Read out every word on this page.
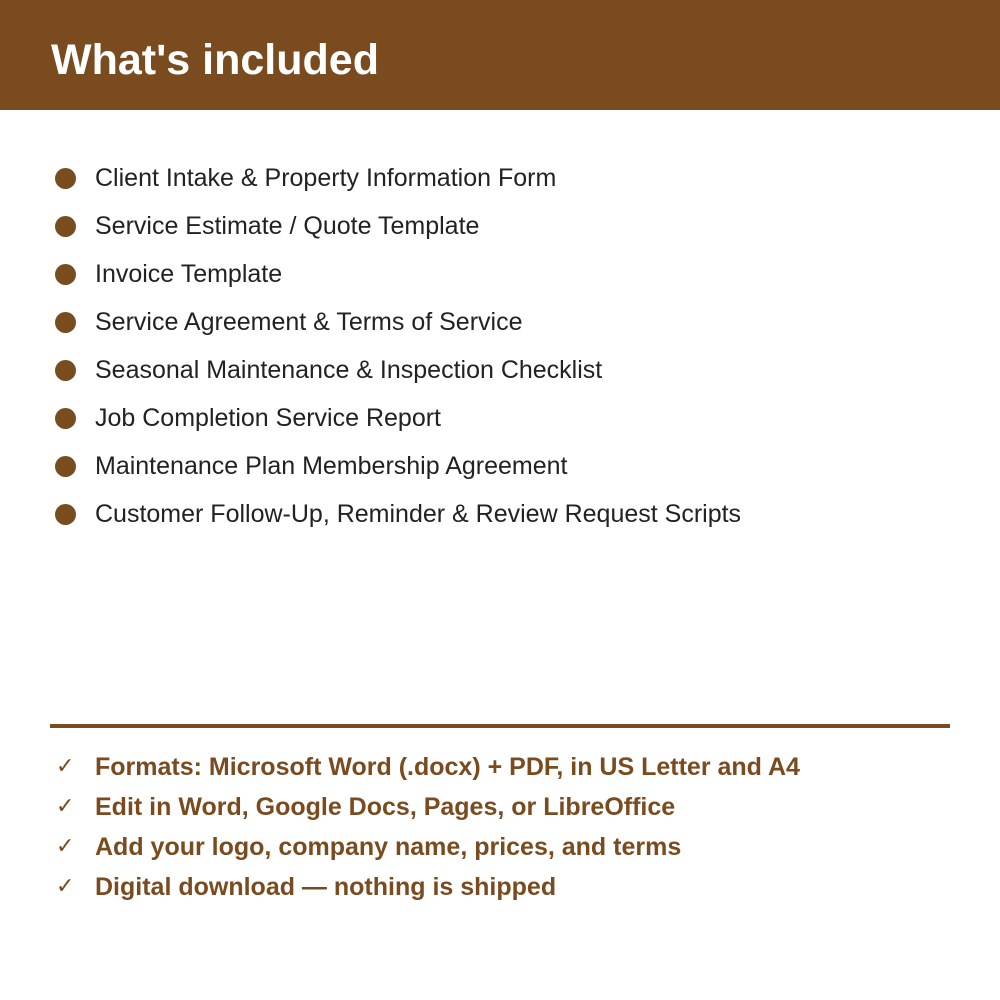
What's included
Client Intake & Property Information Form
Service Estimate / Quote Template
Invoice Template
Service Agreement & Terms of Service
Seasonal Maintenance & Inspection Checklist
Job Completion Service Report
Maintenance Plan Membership Agreement
Customer Follow-Up, Reminder & Review Request Scripts
✓ Formats: Microsoft Word (.docx) + PDF, in US Letter and A4
✓ Edit in Word, Google Docs, Pages, or LibreOffice
✓ Add your logo, company name, prices, and terms
✓ Digital download — nothing is shipped
